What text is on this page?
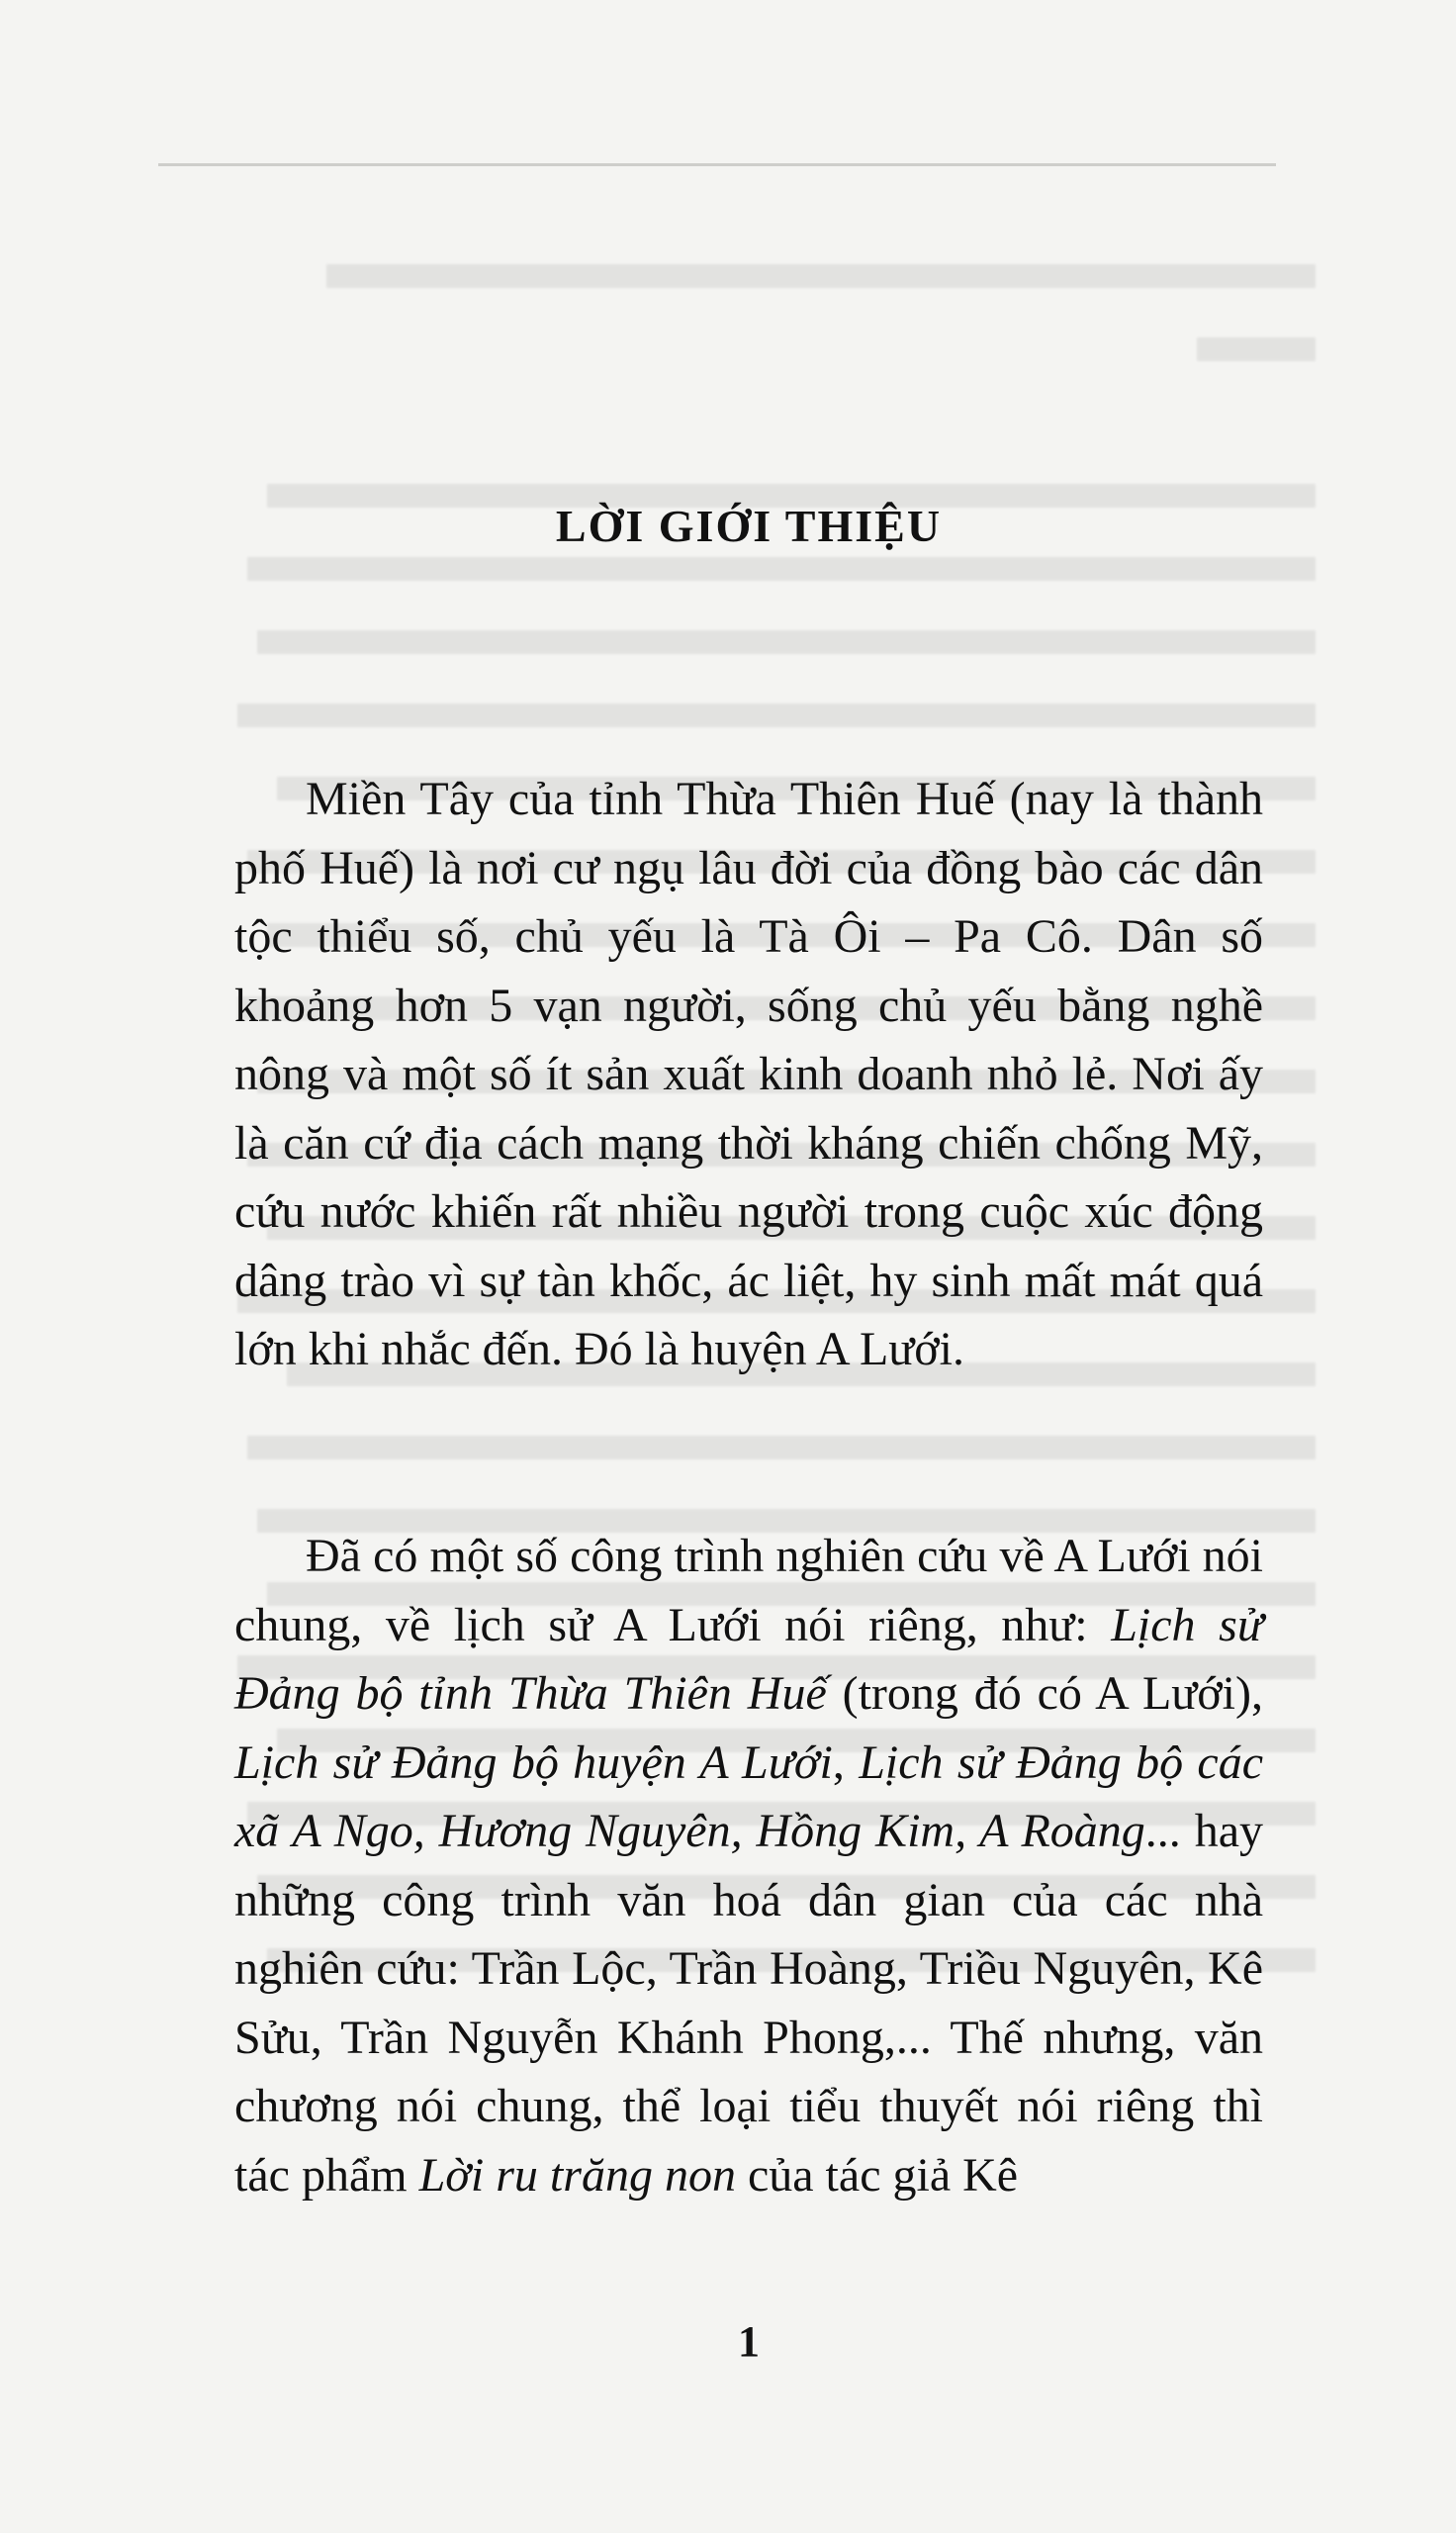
LỜI GIỚI THIỆU

Miền Tây của tỉnh Thừa Thiên Huế (nay là thành phố Huế) là nơi cư ngụ lâu đời của đồng bào các dân tộc thiểu số, chủ yếu là Tà Ôi – Pa Cô. Dân số khoảng hơn 5 vạn người, sống chủ yếu bằng nghề nông và một số ít sản xuất kinh doanh nhỏ lẻ. Nơi ấy là căn cứ địa cách mạng thời kháng chiến chống Mỹ, cứu nước khiến rất nhiều người trong cuộc xúc động dâng trào vì sự tàn khốc, ác liệt, hy sinh mất mát quá lớn khi nhắc đến. Đó là huyện A Lưới.

Đã có một số công trình nghiên cứu về A Lưới nói chung, về lịch sử A Lưới nói riêng, như: Lịch sử Đảng bộ tỉnh Thừa Thiên Huế (trong đó có A Lưới), Lịch sử Đảng bộ huyện A Lưới, Lịch sử Đảng bộ các xã A Ngo, Hương Nguyên, Hồng Kim, A Roàng... hay những công trình văn hoá dân gian của các nhà nghiên cứu: Trần Lộc, Trần Hoàng, Triều Nguyên, Kê Sửu, Trần Nguyễn Khánh Phong,... Thế nhưng, văn chương nói chung, thể loại tiểu thuyết nói riêng thì tác phẩm Lời ru trăng non của tác giả Kê

1
